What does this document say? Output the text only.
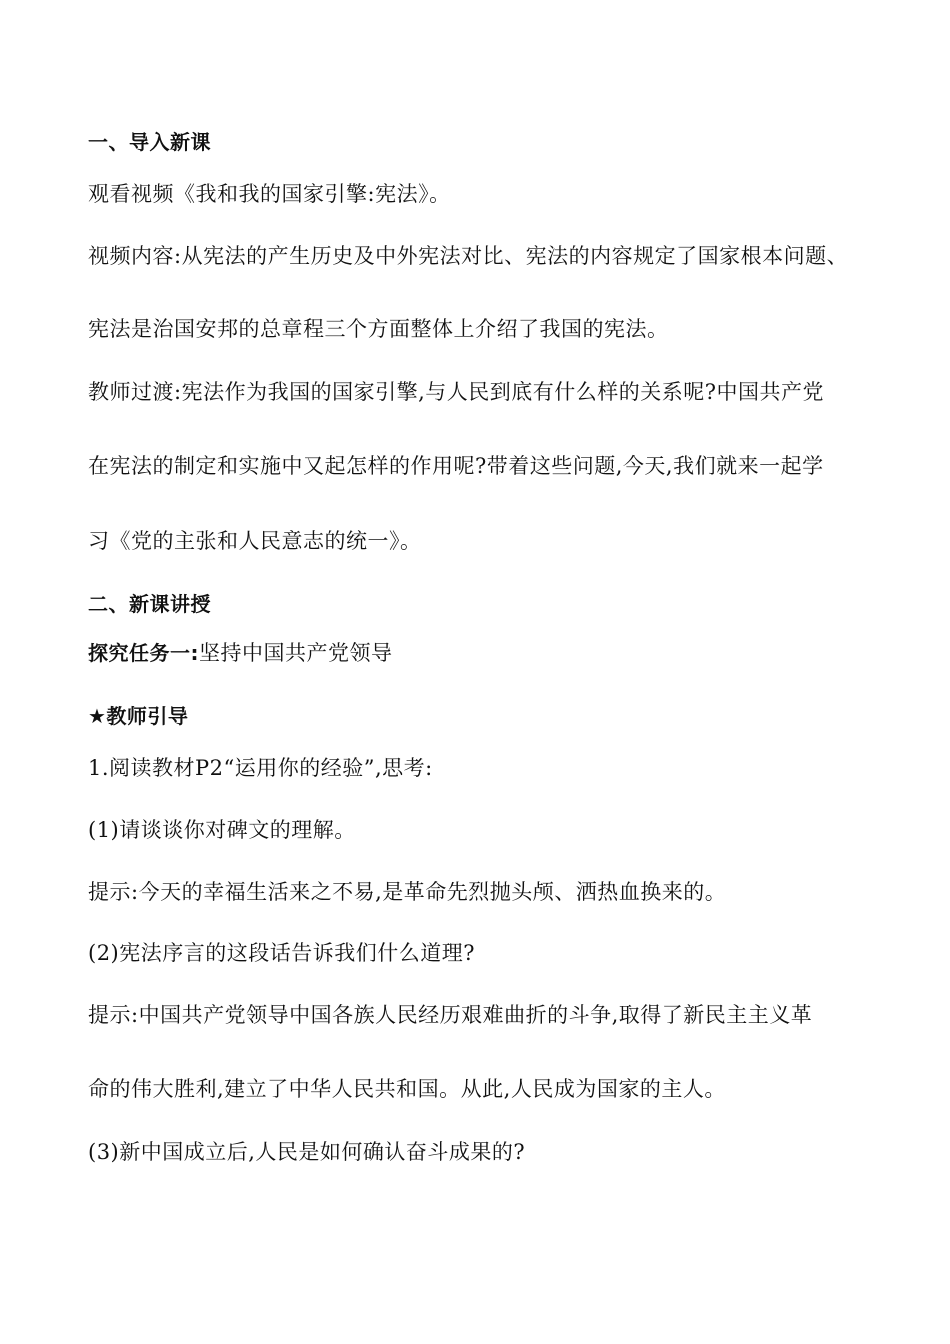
一、导入新课
观看视频《我和我的国家引擎:宪法》。
视频内容:从宪法的产生历史及中外宪法对比、宪法的内容规定了国家根本问题、
宪法是治国安邦的总章程三个方面整体上介绍了我国的宪法。
教师过渡:宪法作为我国的国家引擎,与人民到底有什么样的关系呢?中国共产党
在宪法的制定和实施中又起怎样的作用呢?带着这些问题,今天,我们就来一起学
习《党的主张和人民意志的统一》。
二、新课讲授
探究任务一:坚持中国共产党领导
★教师引导
1.阅读教材P2“运用你的经验”,思考:
(1)请谈谈你对碑文的理解。
提示:今天的幸福生活来之不易,是革命先烈抛头颅、洒热血换来的。
(2)宪法序言的这段话告诉我们什么道理?
提示:中国共产党领导中国各族人民经历艰难曲折的斗争,取得了新民主主义革
命的伟大胜利,建立了中华人民共和国。从此,人民成为国家的主人。
(3)新中国成立后,人民是如何确认奋斗成果的?
